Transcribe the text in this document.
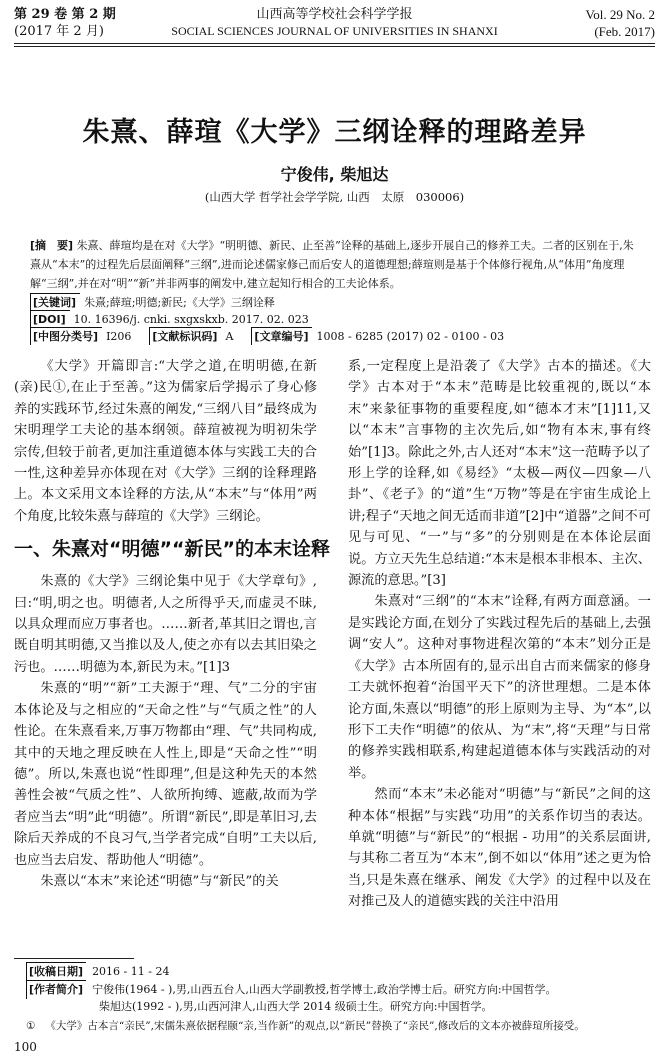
第 29 卷 第 2 期
(2017 年 2 月)
山西高等学校社会科学学报
SOCIAL SCIENCES JOURNAL OF UNIVERSITIES IN SHANXI
Vol. 29 No. 2
(Feb. 2017)
朱熹、薛瑄《大学》三纲诠释的理路差异
宁俊伟, 柴旭达
(山西大学 哲学社会学学院, 山西　太原　030006)
[摘　要] 朱熹、薛瑄均是在对《大学》“明明德、新民、止至善”诠释的基础上,逐步开展自己的修养工夫。二者的区别在于,朱熹从“本末”的过程先后层面阐释“三纲”,进而论述儒家修己而后安人的道德理想;薛瑄则是基于个体修行视角,从“体用”角度理解“三纲”,并在对“明”“新”并非两事的阐发中,建立起知行相合的工夫论体系。
[关键词] 朱熹;薛瑄;明德;新民;《大学》三纲诠释
[DOI] 10. 16396/j. cnki. sxgxskxb. 2017. 02. 023
[中图分类号] I206 [文献标识码] A [文章编号] 1008 - 6285 (2017) 02 - 0100 - 03

《大学》开篇即言:“大学之道,在明明德,在新(亲)民①,在止于至善。”这为儒家后学揭示了身心修养的实践环节,经过朱熹的阐发,“三纲八目”最终成为宋明理学工夫论的基本纲领。薛瑄被视为明初朱学宗传,但较于前者,更加注重道德本体与实践工夫的合一性,这种差异亦体现在对《大学》三纲的诠释理路上。本文采用文本诠释的方法,从“本末”与“体用”两个角度,比较朱熹与薛瑄的《大学》三纲论。

一、朱熹对“明德”“新民”的本末诠释

朱熹的《大学》三纲论集中见于《大学章句》,曰:“明,明之也。明德者,人之所得乎天,而虚灵不昧,以具众理而应万事者也。……新者,革其旧之谓也,言既自明其明德,又当推以及人,使之亦有以去其旧染之污也。……明德为本,新民为末。”[1]3

朱熹的“明”“新”工夫源于“理、气”二分的宇宙本体论及与之相应的“天命之性”与“气质之性”的人性论。在朱熹看来,万事万物都由“理、气”共同构成,其中的天地之理反映在人性上,即是“天命之性”“明德”。所以,朱熹也说“性即理”,但是这种先天的本然善性会被“气质之性”、人欲所拘缚、遮蔽,故而为学者应当去“明”此“明德”。所谓“新民”,即是革旧习,去除后天养成的不良习气,当学者完成“自明”工夫以后,也应当去启发、帮助他人“明德”。

朱熹以“本末”来论述“明德”与“新民”的关

系,一定程度上是沿袭了《大学》古本的描述。《大学》古本对于“本末”范畴是比较重视的,既以“本末”来彖征事物的重要程度,如“德本才末”[1]11,又以“本末”言事物的主次先后,如“物有本末,事有终始”[1]3。除此之外,古人还对“本末”这一范畴予以了形上学的诠释,如《易经》“太极—两仪—四象—八卦”、《老子》的“道”生“万物”等是在宇宙生成论上讲;程子“天地之间无适而非道”[2]中“道器”之间不可见与可见、“一”与“多”的分别则是在本体论层面说。方立天先生总结道:“本末是根本非根本、主次、源流的意思。”[3]

朱熹对“三纲”的“本末”诠释,有两方面意涵。一是实践论方面,在划分了实践过程先后的基础上,去强调“安人”。这种对事物进程次第的“本末”划分正是《大学》古本所固有的,显示出自古而来儒家的修身工夫就怀抱着“治国平天下”的济世理想。二是本体论方面,朱熹以“明德”的形上原则为主导、为“本”,以形下工夫作“明德”的依从、为“末”,将“天理”与日常的修养实践相联系,构建起道德本体与实践活动的对举。

然而“本末”未必能对“明德”与“新民”之间的这种本体“根据”与实践“功用”的关系作切当的表达。单就“明德”与“新民”的“根据 - 功用”的关系层面讲,与其称二者互为“本末”,倒不如以“体用”述之更为恰当,只是朱熹在继承、阐发《大学》的过程中以及在对推己及人的道德实践的关注中沿用

[收稿日期] 2016 - 11 - 24
[作者简介] 宁俊伟(1964 - ),男,山西五台人,山西大学副教授,哲学博士,政治学博士后。研究方向:中国哲学。
柴旭达(1992 - ),男,山西河津人,山西大学 2014 级硕士生。研究方向:中国哲学。
① 《大学》古本言“亲民”,宋儒朱熹依据程颐“亲,当作新”的观点,以“新民”替换了“亲民”,修改后的文本亦被薛瑄所接受。
100
